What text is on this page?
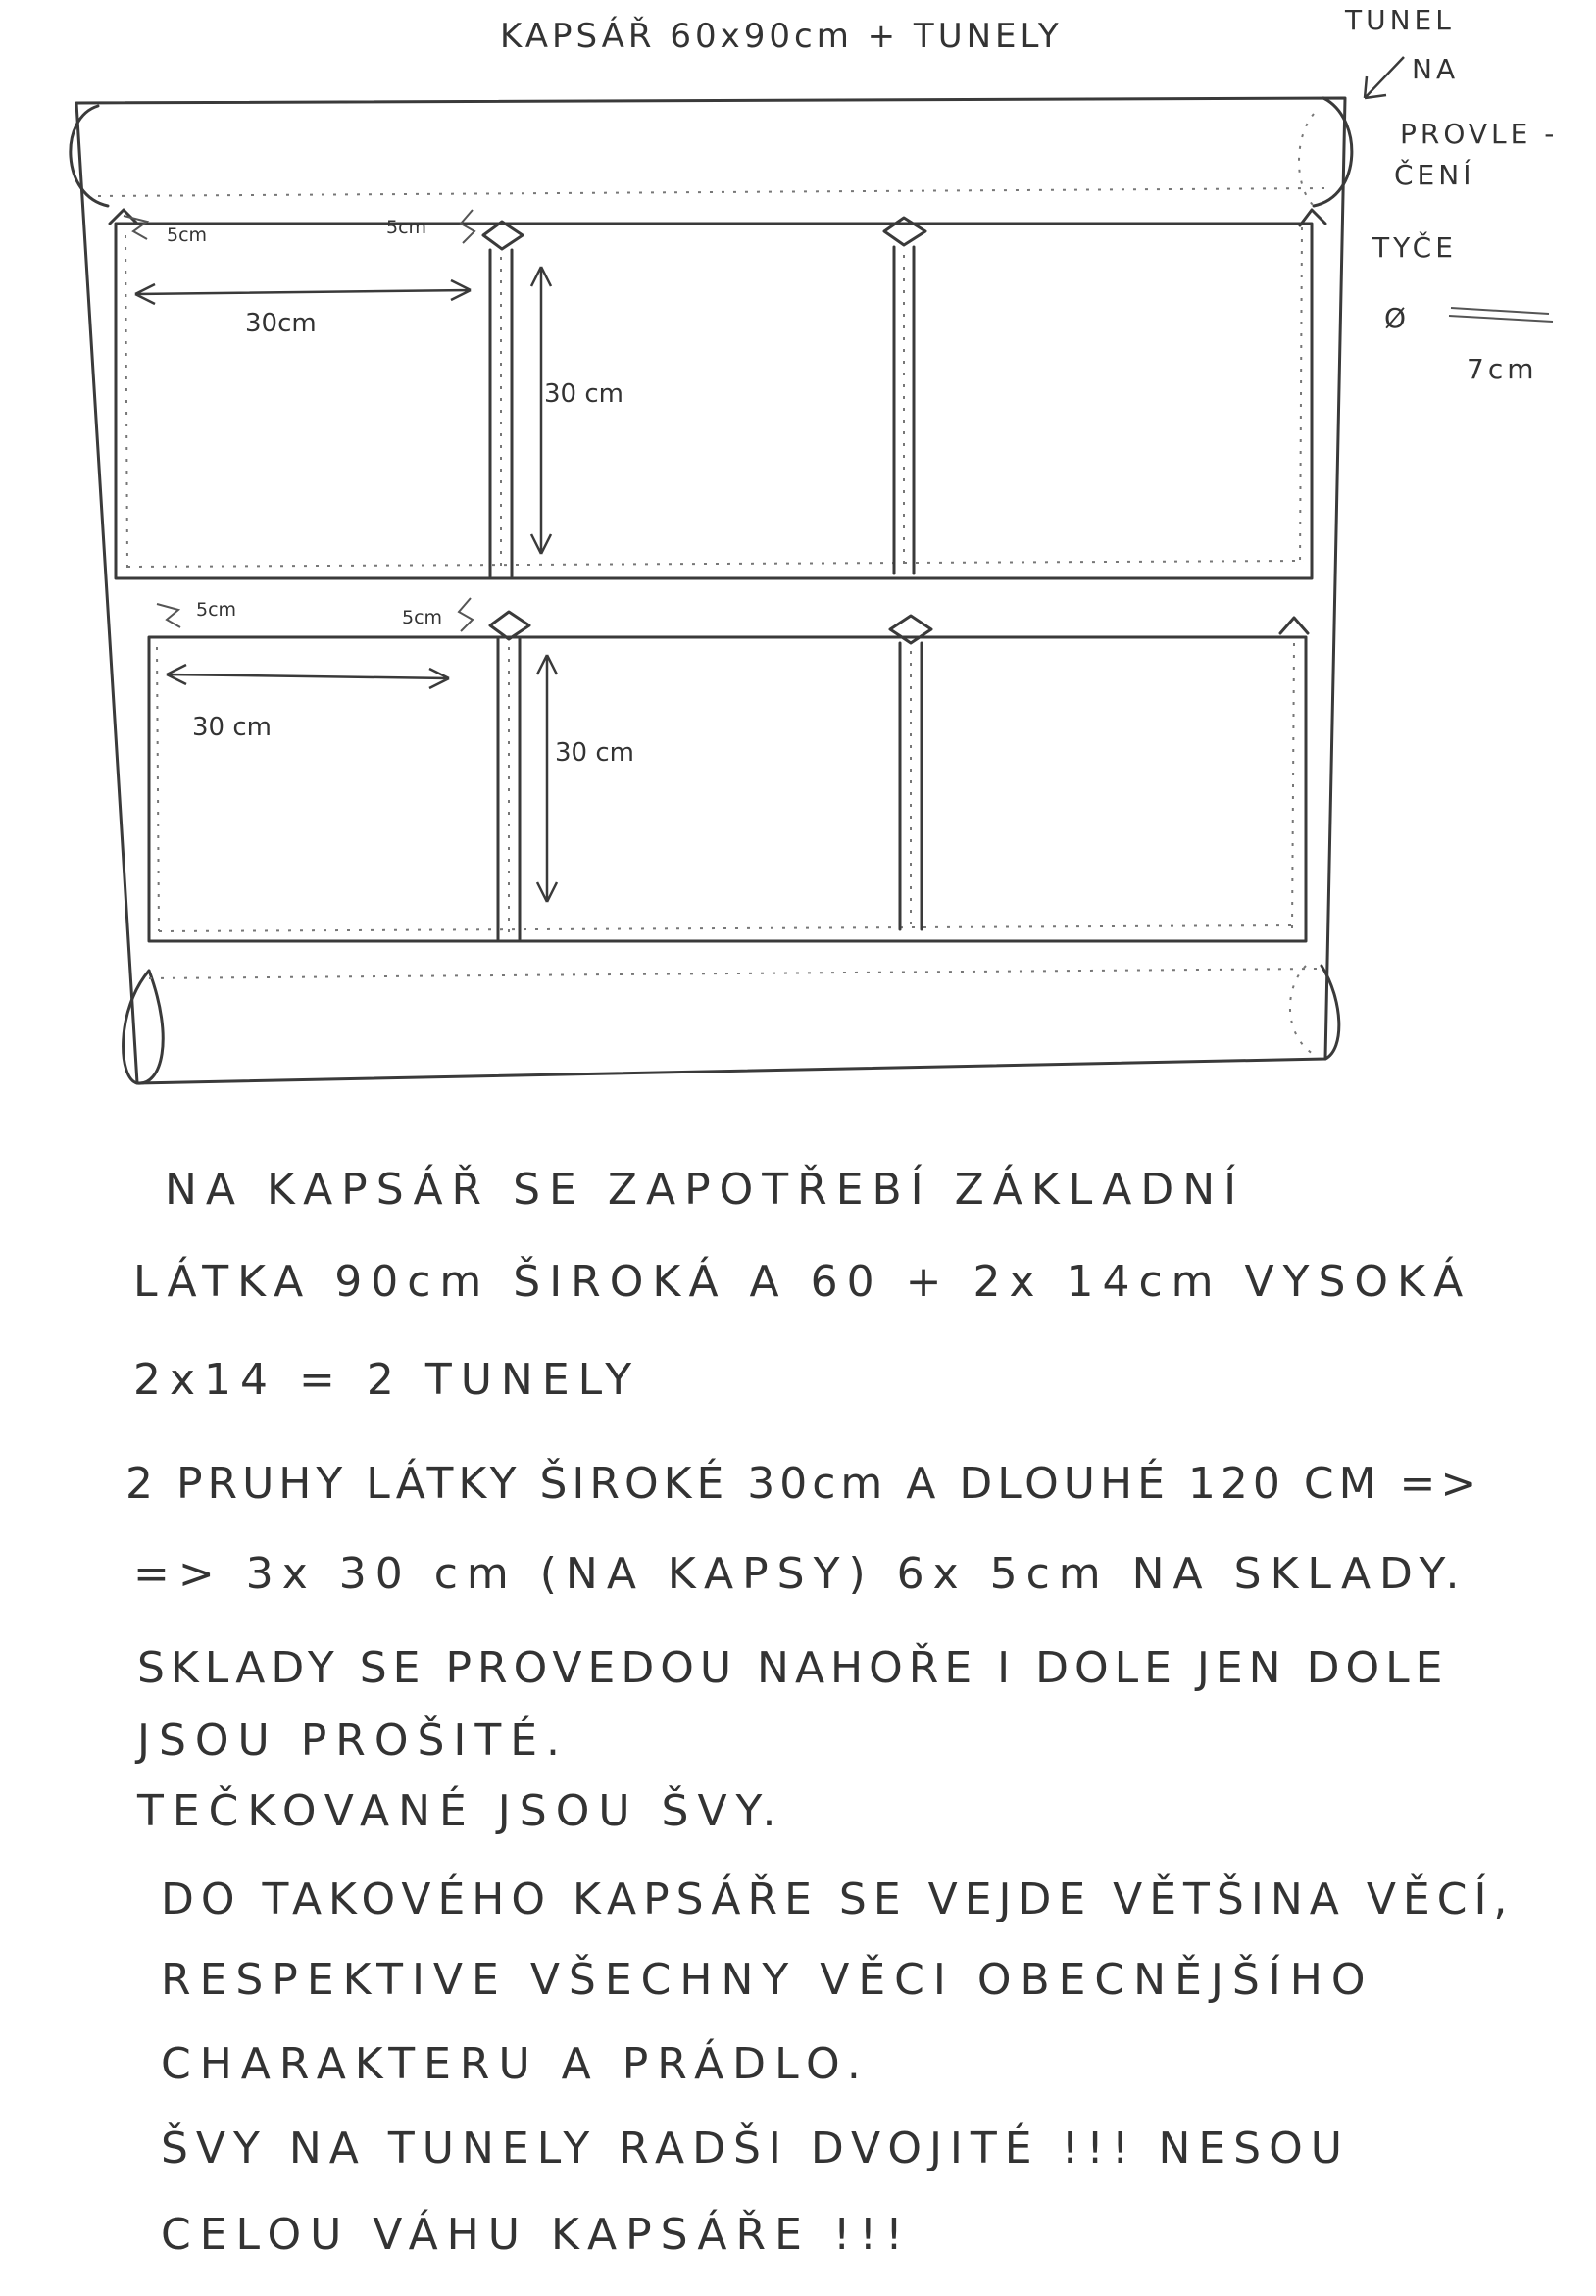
KAPSÁŘ 60x90cm + TUNELY	TUNEL
NA
PROVLE -
ČENÍ
TYČE
Ø
7cm
5cm	5cm
5cm	5cm
30cm
30 cm
30 cm
30 cm
NA KAPSÁŘ SE ZAPOTŘEBÍ ZÁKLADNÍ
LÁTKA 90cm ŠIROKÁ A 60 + 2x 14cm VYSOKÁ
2x14 = 2 TUNELY
2 PRUHY LÁTKY ŠIROKÉ 30cm A DLOUHÉ 120 CM =>
=> 3x 30 cm (NA KAPSY) 6x 5cm NA SKLADY.
SKLADY SE PROVEDOU NAHOŘE I DOLE JEN DOLE
JSOU PROŠITÉ.
TEČKOVANÉ JSOU ŠVY.
DO TAKOVÉHO KAPSÁŘE SE VEJDE VĚTŠINA VĚCÍ,
RESPEKTIVE VŠECHNY VĚCI OBECNĚJŠÍHO
CHARAKTERU A PRÁDLO.
ŠVY NA TUNELY RADŠI DVOJITÉ !!! NESOU
CELOU VÁHU KAPSÁŘE !!!
